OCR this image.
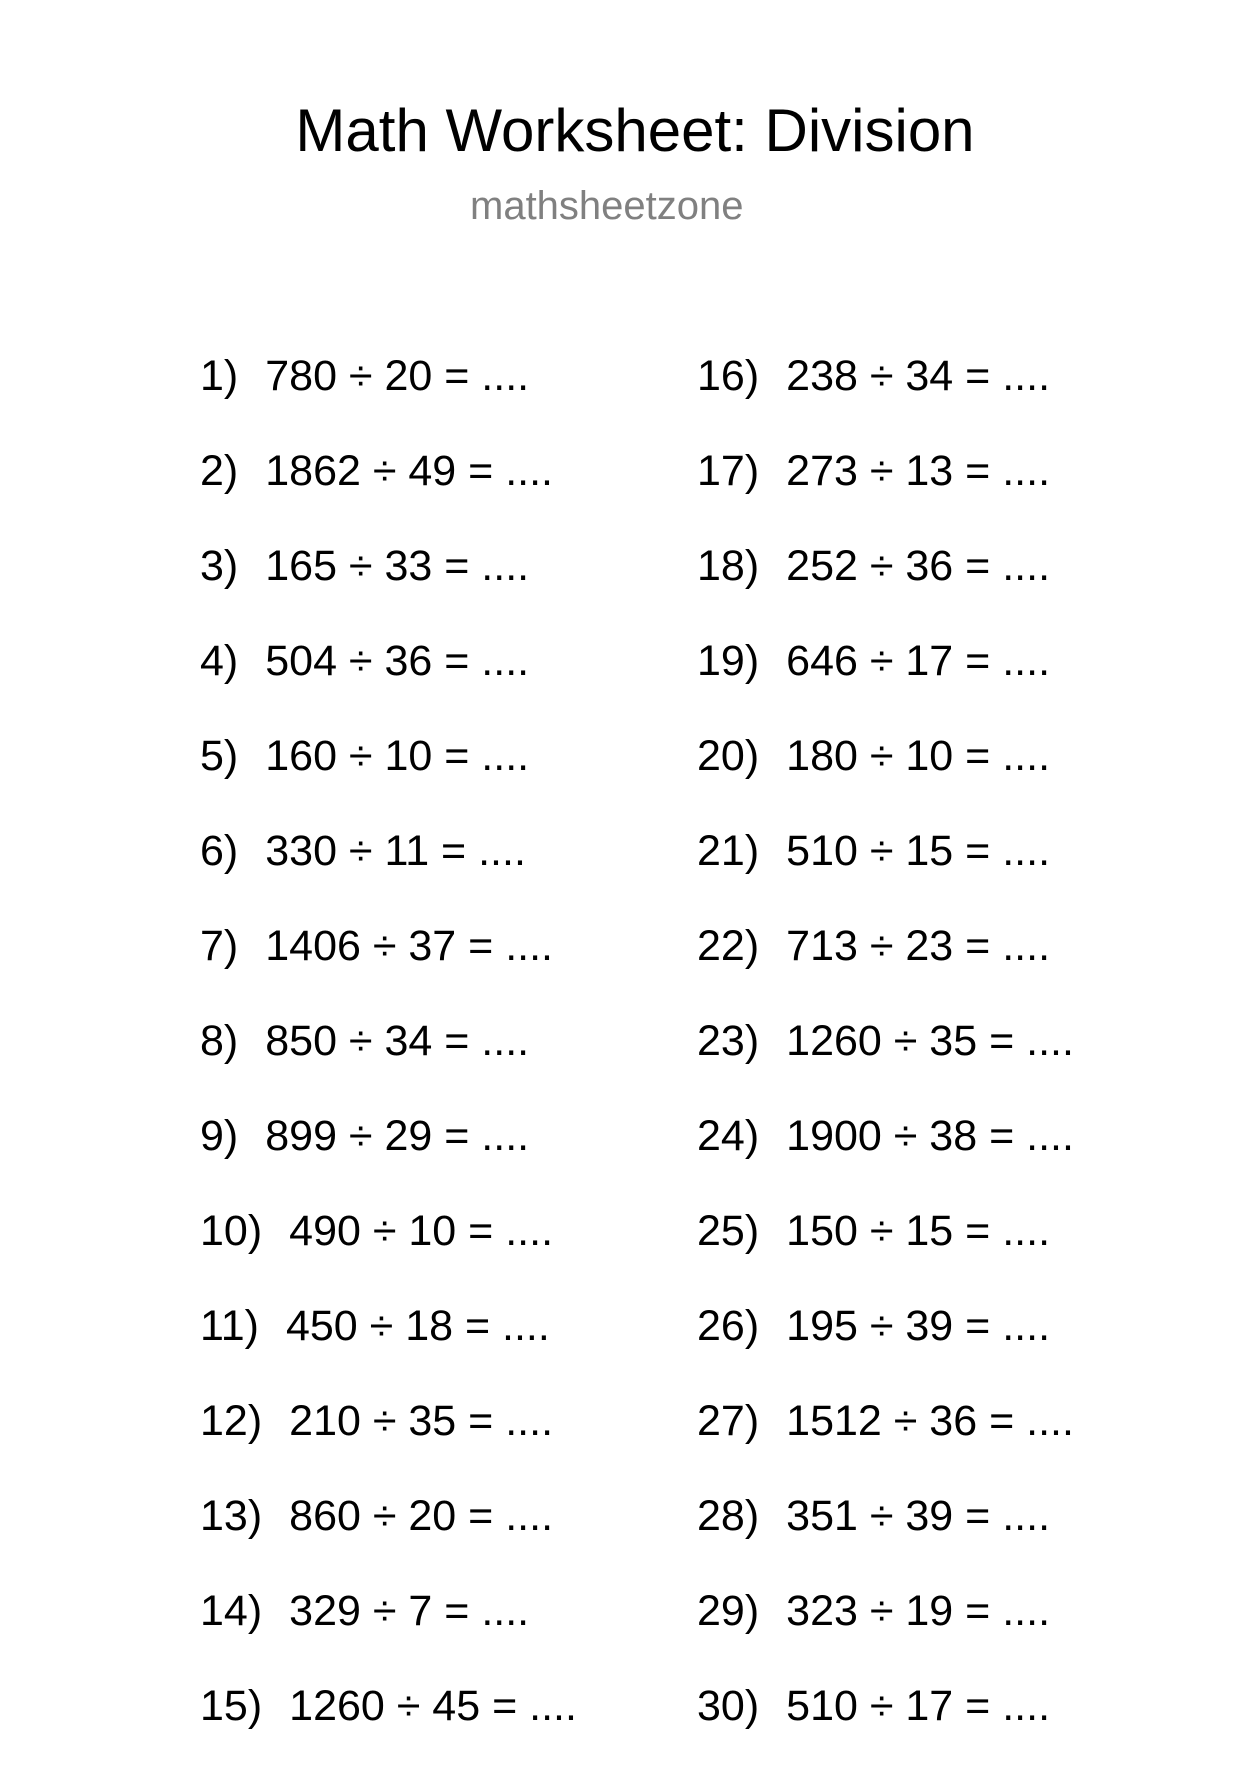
Math Worksheet: Division
mathsheetzone
1) 780 ÷ 20 = ....
2) 1862 ÷ 49 = ....
3) 165 ÷ 33 = ....
4) 504 ÷ 36 = ....
5) 160 ÷ 10 = ....
6) 330 ÷ 11 = ....
7) 1406 ÷ 37 = ....
8) 850 ÷ 34 = ....
9) 899 ÷ 29 = ....
10) 490 ÷ 10 = ....
11) 450 ÷ 18 = ....
12) 210 ÷ 35 = ....
13) 860 ÷ 20 = ....
14) 329 ÷ 7 = ....
15) 1260 ÷ 45 = ....
16) 238 ÷ 34 = ....
17) 273 ÷ 13 = ....
18) 252 ÷ 36 = ....
19) 646 ÷ 17 = ....
20) 180 ÷ 10 = ....
21) 510 ÷ 15 = ....
22) 713 ÷ 23 = ....
23) 1260 ÷ 35 = ....
24) 1900 ÷ 38 = ....
25) 150 ÷ 15 = ....
26) 195 ÷ 39 = ....
27) 1512 ÷ 36 = ....
28) 351 ÷ 39 = ....
29) 323 ÷ 19 = ....
30) 510 ÷ 17 = ....
